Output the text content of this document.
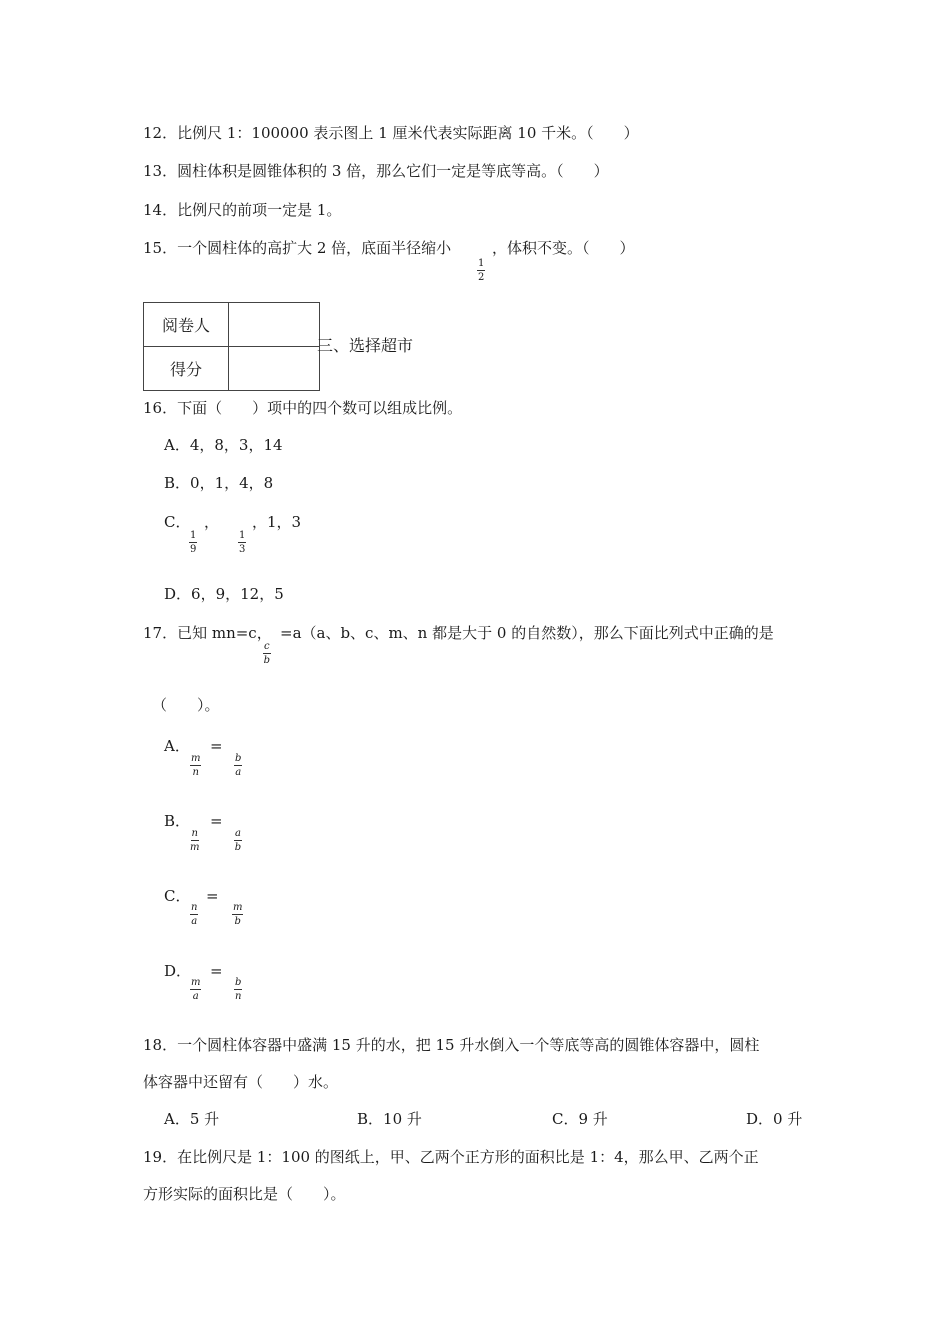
12．比例尺 1：100000 表示图上 1 厘米代表实际距离 10 千米。（　　）
13．圆柱体积是圆锥体积的 3 倍，那么它们一定是等底等高。（　　）
14．比例尺的前项一定是 1。
15．一个圆柱体的高扩大 2 倍，底面半径缩小
$\frac{1}{2}$
，体积不变。（　　）
阅卷人	
得分	
三、选择超市
16．下面（　　）项中的四个数可以组成比例。
A．4，8，3，14
B．0，1，4，8
C．
$\frac{1}{9}$
，
$\frac{1}{3}$
，1，3
D．6，9，12，5
17．已知 mn=c，
$\frac{c}{b}$
=a（a、b、c、m、n 都是大于 0 的自然数），那么下面比列式中正确的是
（　　）。
A． =
$\frac{m}{n}$	$\frac{b}{a}$
B． =
$\frac{n}{m}$	$\frac{a}{b}$
C． =
$\frac{n}{a}$	$\frac{m}{b}$
D． =
$\frac{m}{a}$	$\frac{b}{n}$
18．一个圆柱体容器中盛满 15 升的水，把 15 升水倒入一个等底等高的圆锥体容器中，圆柱
体容器中还留有（　　）水。
A．5 升	B．10 升	C．9 升	D．0 升
19．在比例尺是 1：100 的图纸上，甲、乙两个正方形的面积比是 1：4，那么甲、乙两个正
方形实际的面积比是（　　）。
